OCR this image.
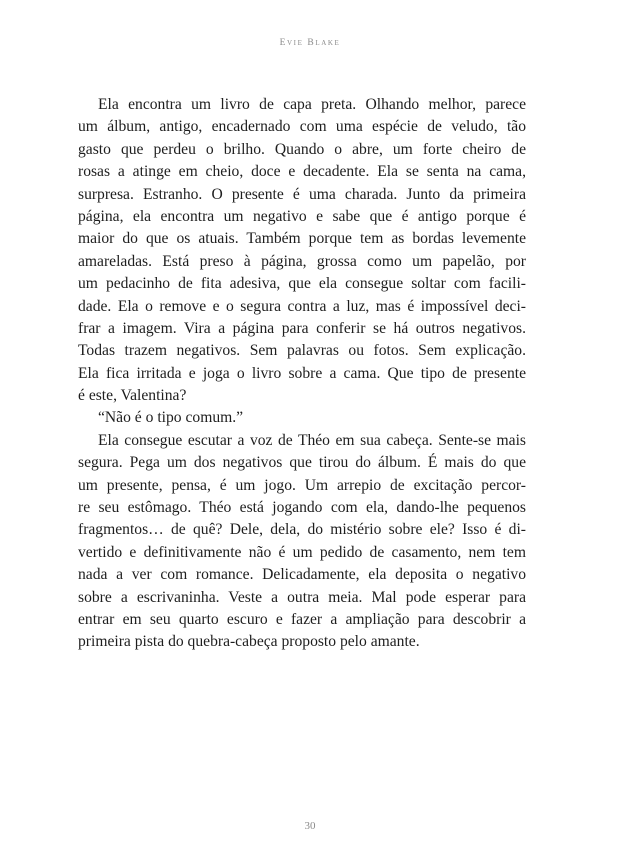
Evie Blake
Ela encontra um livro de capa preta. Olhando melhor, parece
um álbum, antigo, encadernado com uma espécie de veludo, tão
gasto que perdeu o brilho. Quando o abre, um forte cheiro de
rosas a atinge em cheio, doce e decadente. Ela se senta na cama,
surpresa. Estranho. O presente é uma charada. Junto da primeira
página, ela encontra um negativo e sabe que é antigo porque é
maior do que os atuais. Também porque tem as bordas levemente
amareladas. Está preso à página, grossa como um papelão, por
um pedacinho de fita adesiva, que ela consegue soltar com facili-
dade. Ela o remove e o segura contra a luz, mas é impossível deci-
frar a imagem. Vira a página para conferir se há outros negativos.
Todas trazem negativos. Sem palavras ou fotos. Sem explicação.
Ela fica irritada e joga o livro sobre a cama. Que tipo de presente
é este, Valentina?
“Não é o tipo comum.”
Ela consegue escutar a voz de Théo em sua cabeça. Sente-se mais
segura. Pega um dos negativos que tirou do álbum. É mais do que
um presente, pensa, é um jogo. Um arrepio de excitação percor-
re seu estômago. Théo está jogando com ela, dando-lhe pequenos
fragmentos… de quê? Dele, dela, do mistério sobre ele? Isso é di-
vertido e definitivamente não é um pedido de casamento, nem tem
nada a ver com romance. Delicadamente, ela deposita o negativo
sobre a escrivaninha. Veste a outra meia. Mal pode esperar para
entrar em seu quarto escuro e fazer a ampliação para descobrir a
primeira pista do quebra-cabeça proposto pelo amante.
30
